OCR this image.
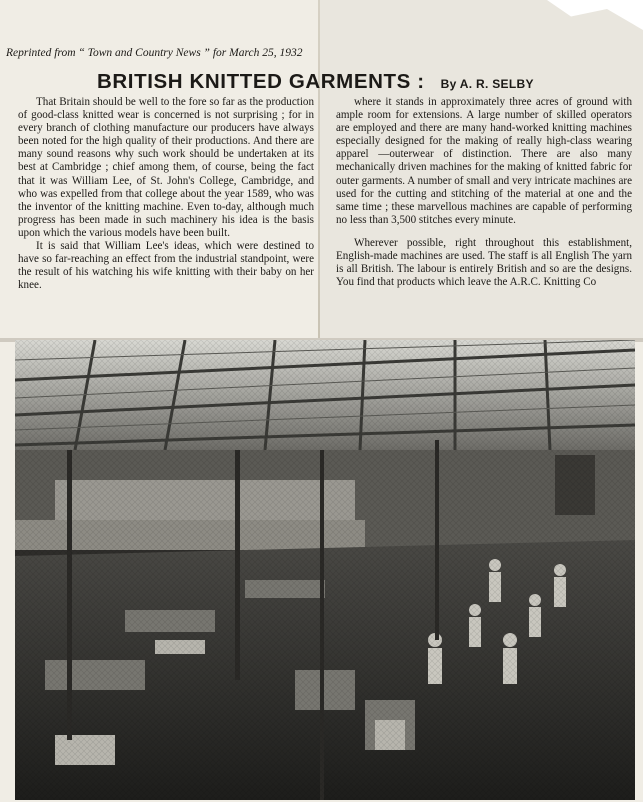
Reprinted from “ Town and Country News ” for March 25, 1932
BRITISH KNITTED GARMENTS : By A. R. SELBY

That Britain should be well to the fore so far as the production of good-class knitted wear is concerned is not surprising ; for in every branch of clothing manufacture our producers have always been noted for the high quality of their productions. And there are many sound reasons why such work should be undertaken at its best at Cambridge ; chief among them, of course, being the fact that it was William Lee, of St. John's College, Cambridge, and who was expelled from that college about the year 1589, who was the inventor of the knitting machine. Even to-day, although much progress has been made in such machinery his idea is the basis upon which the various models have been built.

It is said that William Lee's ideas, which were destined to have so far-reaching an effect from the industrial standpoint, were the result of his watching his wife knitting with their baby on her knee.

where it stands in approximately three acres of ground with ample room for extensions. A large number of skilled operators are employed and there are many hand-worked knitting machines especially designed for the making of really high-class wearing apparel —outerwear of distinction. There are also many mechanically driven machines for the making of knitted fabric for outer garments. A number of small and very intricate machines are used for the cutting and stitching of the material at one and the same time ; these marvellous machines are capable of performing no less than 3,500 stitches every minute.

Wherever possible, right throughout this establishment, English-made machines are used. The staff is all English The yarn is all British. The labour is entirely British and so are the designs. You find that products which leave the A.R.C. Knitting Co
